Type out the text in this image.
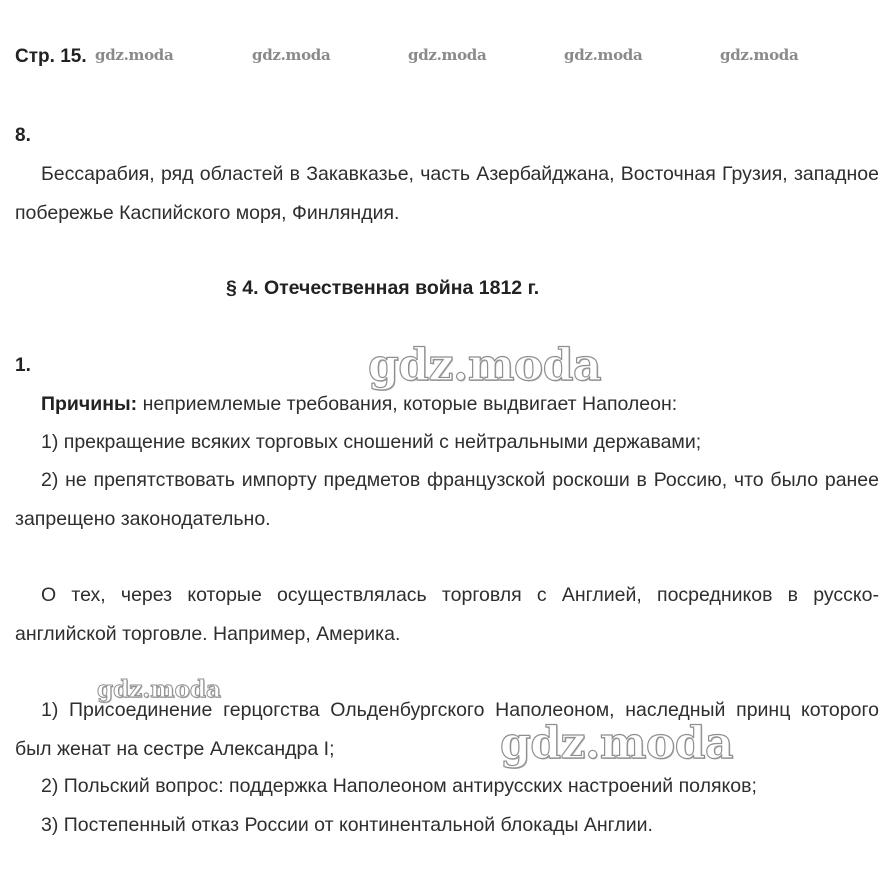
Стр. 15. gdz.moda	gdz.moda	gdz.moda	gdz.moda	gdz.moda
8.

Бессарабия, ряд областей в Закавказье, часть Азербайджана, Восточная Грузия, западное побережье Каспийского моря, Финляндия.

§ 4. Отечественная война 1812 г.
gdz.moda
1.

Причины: неприемлемые требования, которые выдвигает Наполеон:

1) прекращение всяких торговых сношений с нейтральными державами;

2) не препятствовать импорту предметов французской роскоши в Россию, что было ранее запрещено законодательно.

О тех, через которые осуществлялась торговля с Англией, посредников в русско-английской торговле. Например, Америка.

gdz.moda

1) Присоединение герцогства Ольденбургского Наполеоном, наследный принц которого был женат на сестре Александра I;	gdz.moda

2) Польский вопрос: поддержка Наполеоном антирусских настроений поляков;

3) Постепенный отказ России от континентальной блокады Англии.
